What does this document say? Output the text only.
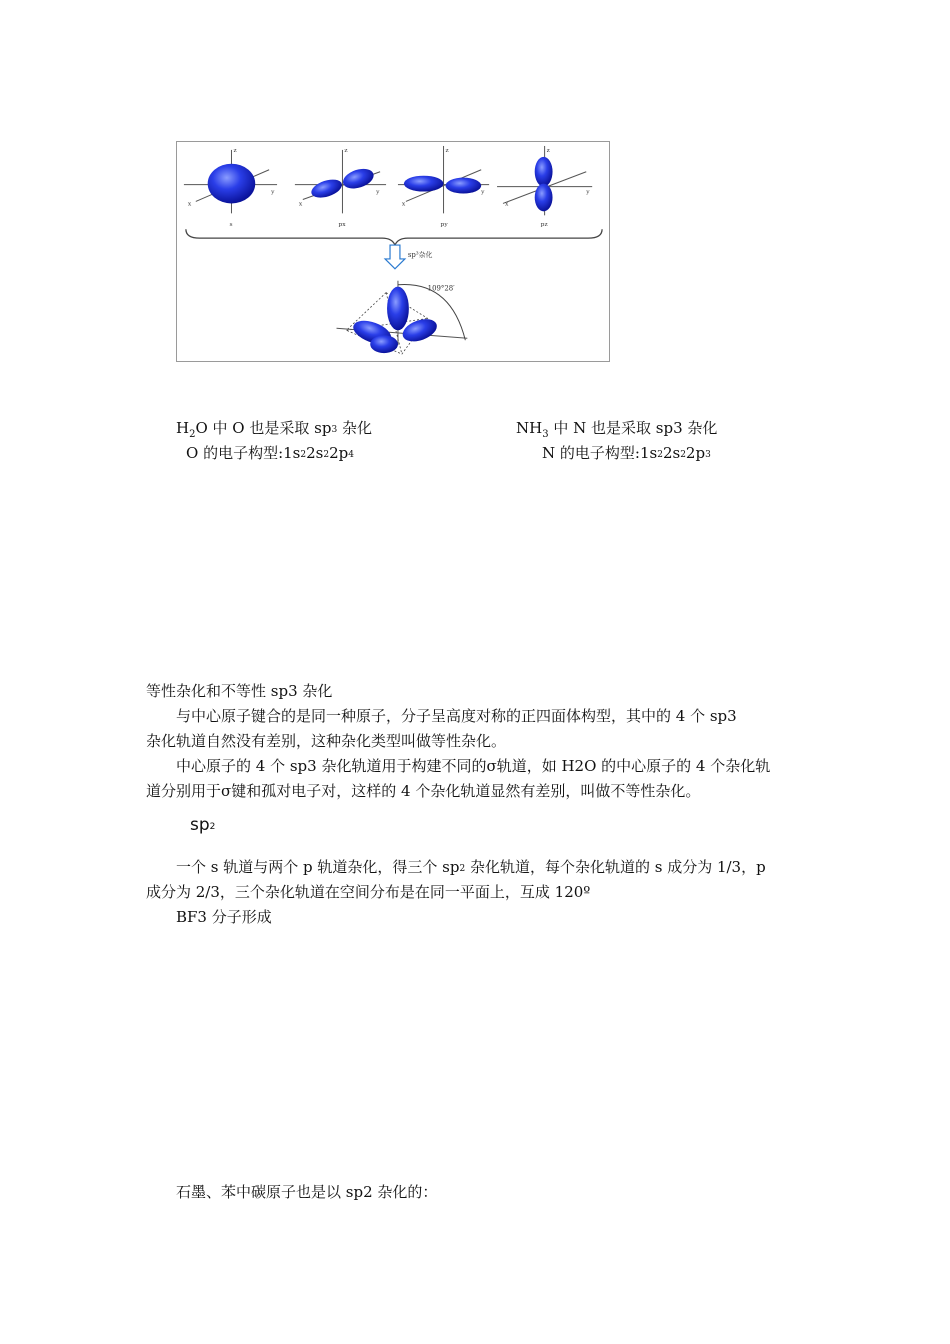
z
y
x
s
z
y
x
px
z
y
x
py
z
y
x
pz
sp³杂化
109°28′
$H_2O$ 中 O 也是采取 sp3 杂化
O 的电子构型:1s22s22p4
$NH_3$ 中 N 也是采取 sp3 杂化
N 的电子构型:1s22s22p3
等性杂化和不等性 sp3 杂化
与中心原子键合的是同一种原子，分子呈高度对称的正四面体构型，其中的 4 个 sp3
杂化轨道自然没有差别，这种杂化类型叫做等性杂化。
中心原子的 4 个 sp3 杂化轨道用于构建不同的σ轨道，如 H2O 的中心原子的 4 个杂化轨
道分别用于σ键和孤对电子对，这样的 4 个杂化轨道显然有差别，叫做不等性杂化。
sp2
一个 s 轨道与两个 p 轨道杂化，得三个 sp2 杂化轨道，每个杂化轨道的 s 成分为 1/3，p
成分为 2/3，三个杂化轨道在空间分布是在同一平面上，互成 120º
BF3 分子形成
石墨、苯中碳原子也是以 sp2 杂化的：
